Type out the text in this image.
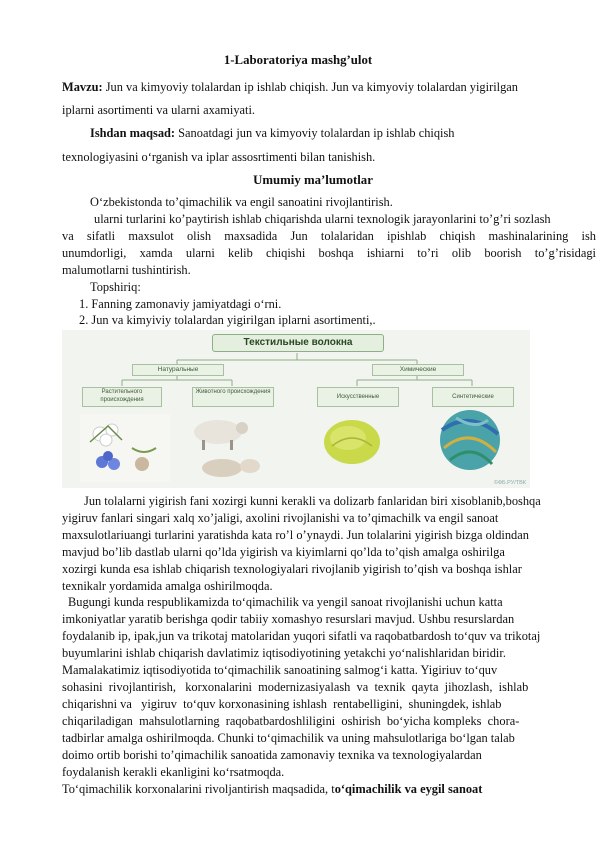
1-Laboratoriya mashg’ulot
Mavzu: Jun va kimyoviy tolalardan ip ishlab chiqish. Jun va kimyoviy tolalardan yigirilgan
iplarni asortimenti va ularni axamiyati.
Ishdan maqsad: Sanoatdagi jun va kimyoviy tolalardan ip ishlab chiqish
texnologiyasini o‘rganish va iplar assosrtimenti bilan tanishish.
Umumiy ma’lumotlar
O‘zbekistonda to’qimachilik va engil sanoatini rivojlantirish.
ularni turlarini ko’paytirish ishlab chiqarishda ularni texnologik jarayonlarini to’g’ri sozlash
va sifatli maxsulot olish maxsadida Jun tolalaridan ipishlab chiqish mashinalarining ish
unumdorligi, xamda ularni kelib chiqishi boshqa ishiarni to’ri olib boorish to’g’risidagi
malumotlarni tushintirish.
Topshiriq:
1. Fanning zamonaviy jamiyatdagi o‘rni.
2. Jun va kimyiviy tolalardan yigirilgan iplarni asortimenti,.
Текстильные волокна
Натуральные	Химические
Растительного происхождения
Животного происхождения
Искусственные	Синтетические
©ФБ.РУ/ТВК
Jun tolalarni yigirish fani xozirgi kunni kerakli va dolizarb fanlaridan biri xisoblanib,boshqa
yigiruv fanlari singari xalq xo’jaligi, axolini rivojlanishi va to’qimachilk va engil sanoat
maxsulotlariuangi turlarini yaratishda kata ro’l o’ynaydi. Jun tolalarini yigirish bizga oldindan
mavjud bo’lib dastlab ularni qo’lda yigirish va kiyimlarni qo’lda to’qish amalga oshirilga
xozirgi kunda esa ishlab chiqarish texnologiyalari rivojlanib yigirish to’qish va boshqa ishlar
texnikalr yordamida amalga oshirilmoqda.
Bugungi kunda respublikamizda to‘qimachilik va yengil sanoat rivojlanishi uchun katta
imkoniyatlar yaratib berishga qodir tabiiy xomashyo resurslari mavjud. Ushbu resurslardan
foydalanib ip, ipak,jun va trikotaj matolaridan yuqori sifatli va raqobatbardosh to‘quv va trikotaj
buyumlarini ishlab chiqarish davlatimiz iqtisodiyotining yetakchi yo‘nalishlaridan biridir.
Mamalakatimiz iqtisodiyotida to‘qimachilik sanoatining salmog‘i katta. Yigiriuv to‘quv
sohasini  rivojlantirish,   korxonalarini  modernizasiyalash  va  texnik  qayta  jihozlash,  ishlab
chiqarishni va   yigiruv  to‘quv korxonasining ishlash  rentabelligini,  shuningdek, ishlab
chiqariladigan  mahsulotlarning  raqobatbardoshliligini  oshirish  bo‘yicha kompleks  chora-
tadbirlar amalga oshirilmoqda. Chunki to‘qimachilik va uning mahsulotlariga bo‘lgan talab
doimo ortib borishi to’qimachilik sanoatida zamonaviy texnika va texnologiyalardan
foydalanish kerakli ekanligini ko‘rsatmoqda.
To‘qimachilik korxonalarini rivoljantirish maqsadida, to‘qimachilik va eygil sanoat
